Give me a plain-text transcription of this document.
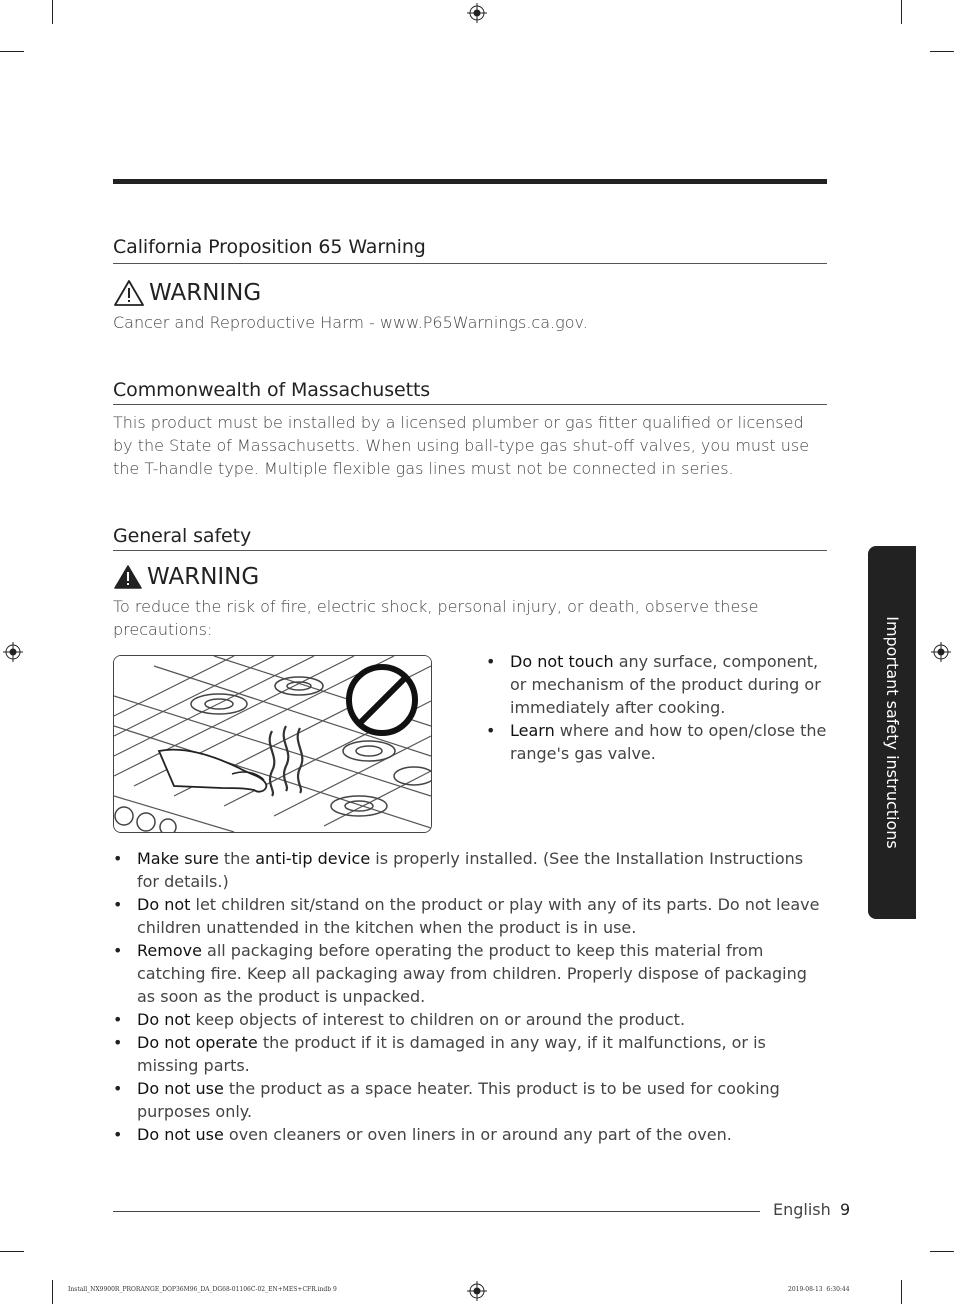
California Proposition 65 Warning
WARNING
Cancer and Reproductive Harm - www.P65Warnings.ca.gov.
Commonwealth of Massachusetts
This product must be installed by a licensed plumber or gas fitter qualified or licensed by the State of Massachusetts. When using ball-type gas shut-off valves, you must use the T-handle type. Multiple flexible gas lines must not be connected in series.
General safety
WARNING
To reduce the risk of fire, electric shock, personal injury, or death, observe these precautions:
• Do not touch any surface, component, or mechanism of the product during or immediately after cooking.
• Learn where and how to open/close the range's gas valve.
• Make sure the anti-tip device is properly installed. (See the Installation Instructions for details.)
• Do not let children sit/stand on the product or play with any of its parts. Do not leave children unattended in the kitchen when the product is in use.
• Remove all packaging before operating the product to keep this material from catching fire. Keep all packaging away from children. Properly dispose of packaging as soon as the product is unpacked.
• Do not keep objects of interest to children on or around the product.
• Do not operate the product if it is damaged in any way, if it malfunctions, or is missing parts.
• Do not use the product as a space heater. This product is to be used for cooking purposes only.
• Do not use oven cleaners or oven liners in or around any part of the oven.
Important safety instructions
English 9
Install_NX9900R_PRORANGE_DOP36M96_DA_DG68-01106C-02_EN+MES+CFR.indb 9	2019-08-13 ￼ 6:30:44
